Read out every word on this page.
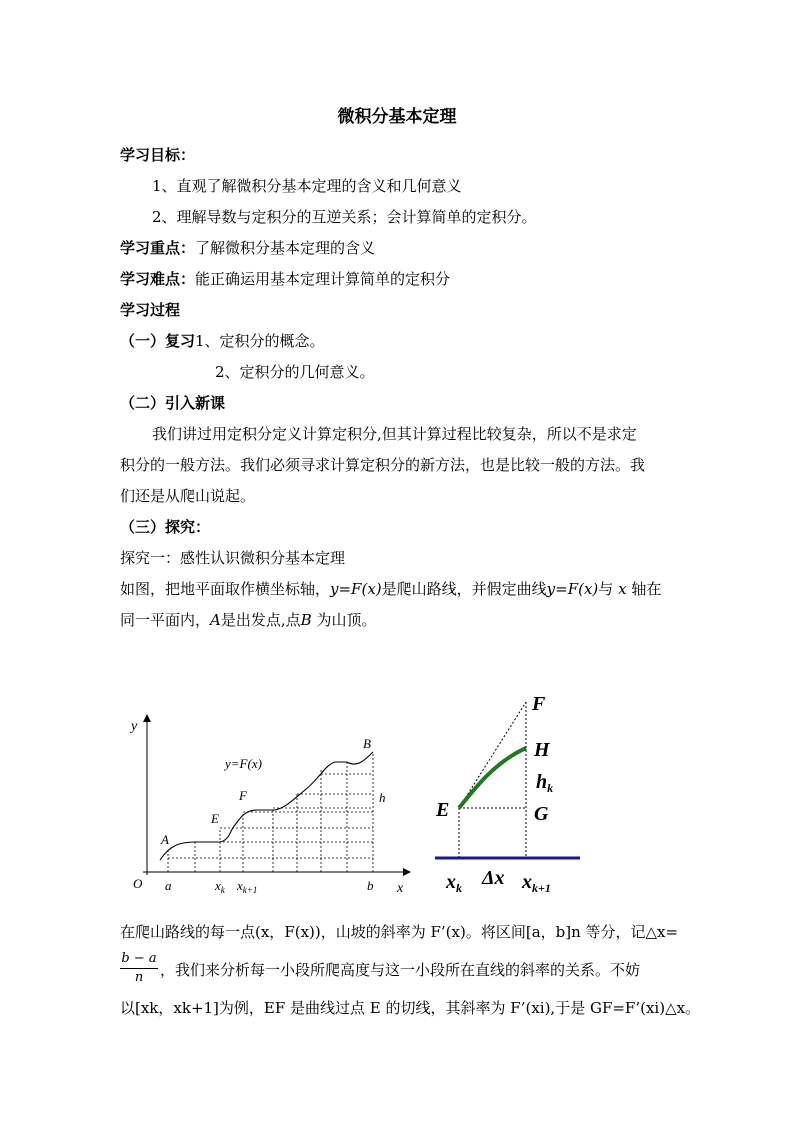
微积分基本定理
学习目标：
1、直观了解微积分基本定理的含义和几何意义
2、理解导数与定积分的互逆关系；会计算简单的定积分。
学习重点：了解微积分基本定理的含义
学习难点：能正确运用基本定理计算简单的定积分
学习过程
（一）复习1、定积分的概念。
2、定积分的几何意义。
（二）引入新课
我们讲过用定积分定义计算定积分,但其计算过程比较复杂，所以不是求定
积分的一般方法。我们必须寻求计算定积分的新方法，也是比较一般的方法。我
们还是从爬山说起。
（三）探究：
探究一：感性认识微积分基本定理
如图，把地平面取作横坐标轴，y=F(x)是爬山路线，并假定曲线y=F(x)与 x 轴在
同一平面内，A是出发点,点B 为山顶。
y
x
O
y=F(x)
A
B
E
F	h
a	$x_k$ $x_{k+1}$	b
F
H
$h_k$
E	G
$x_k$ Δx $x_{k+1}$
在爬山路线的每一点(x，F(x))，山坡的斜率为 F’(x)。将区间[a，b]n 等分，记△x=
$\frac{b - a}{n}$ ，我们来分析每一小段所爬高度与这一小段所在直线的斜率的关系。不妨
以[xk，xk+1]为例，EF 是曲线过点 E 的切线，其斜率为 F’(xi),于是 GF=F’(xi)△x。
